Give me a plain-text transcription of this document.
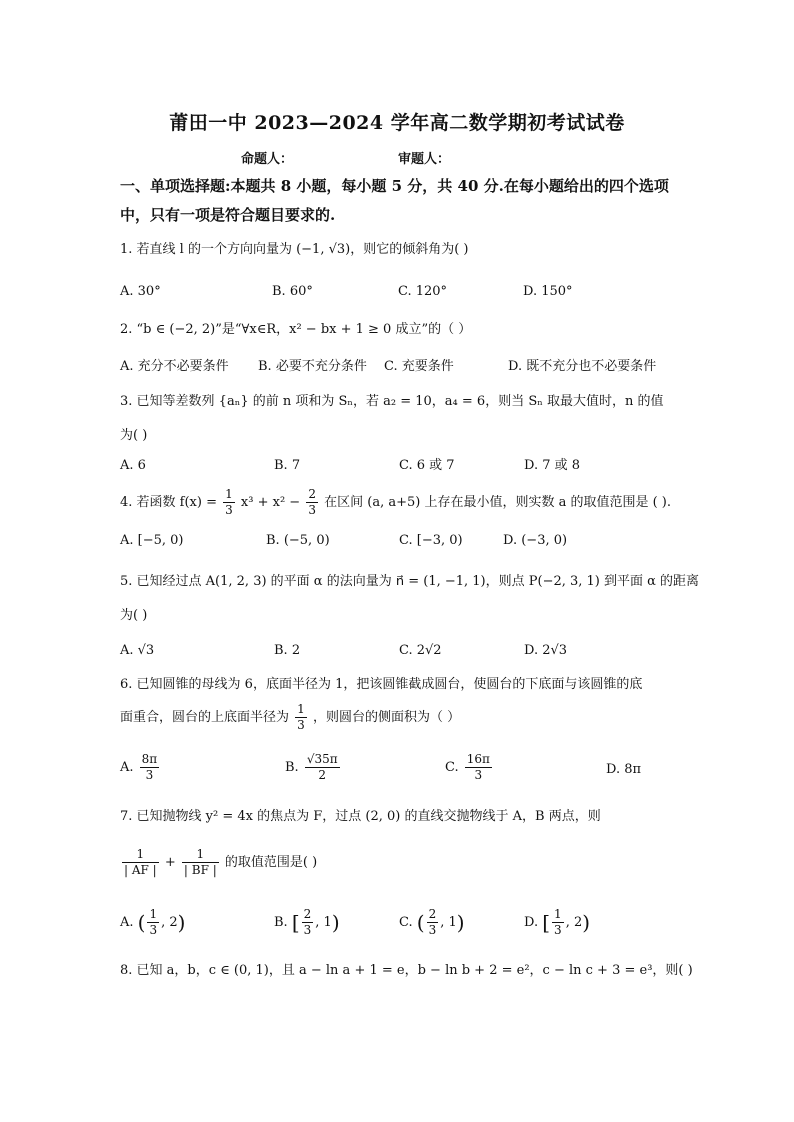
莆田一中 2023—2024 学年高二数学期初考试试卷
命题人：	审题人：
一、单项选择题:本题共 8 小题，每小题 5 分，共 40 分.在每小题给出的四个选项中，只有一项是符合题目要求的.
1. 若直线 l 的一个方向向量为 (−1, √3)，则它的倾斜角为( )
A. 30°	B. 60°	C. 120°	D. 150°
2. “b ∈ (−2, 2)”是“∀x∈R，x² − bx + 1 ≥ 0 成立”的（ ）
A. 充分不必要条件 B. 必要不充分条件 C. 充要条件	D. 既不充分也不必要条件
3. 已知等差数列 {aₙ} 的前 n 项和为 Sₙ，若 a₂ = 10，a₄ = 6，则当 Sₙ 取最大值时，n 的值
为( )
A. 6	B. 7	C. 6 或 7	D. 7 或 8
4. 若函数 $f(x) = \frac{1}{3} x^3 + x^2 - \frac{2}{3}$ 在区间 (a, a+5) 上存在最小值，则实数 a 的取值范围是 ( ).
A. [−5, 0)	B. (−5, 0)	C. [−3, 0)	D. (−3, 0)
5. 已知经过点 A(1, 2, 3) 的平面 α 的法向量为 n⃗ = (1, −1, 1)，则点 P(−2, 3, 1) 到平面 α 的距离
为( )
A. √3	B. 2	C. 2√2	D. 2√3
6. 已知圆锥的母线为 6，底面半径为 1，把该圆锥截成圆台，使圆台的下底面与该圆锥的底
面重合，圆台的上底面半径为 $\frac{1}{3}$ ，则圆台的侧面积为（ ）
A. $\frac{8\pi}{3}$	B. $\frac{√35\pi}{2}$	C. $\frac{16\pi}{3}$	D. 8π
7. 已知抛物线 y² = 4x 的焦点为 F，过点 (2, 0) 的直线交抛物线于 A，B 两点，则
$\frac{1}{| AF |} + \frac{1}{| BF |}$ 的取值范围是( )
A. ( $\frac{1}{3}$ , 2)	B. [ $\frac{2}{3}$ , 1)	C. ( $\frac{2}{3}$ , 1)	D. [ $\frac{1}{3}$ , 2)
8. 已知 a，b，c ∈ (0, 1)，且 a − ln a + 1 = e，b − ln b + 2 = e²，c − ln c + 3 = e³，则( )
